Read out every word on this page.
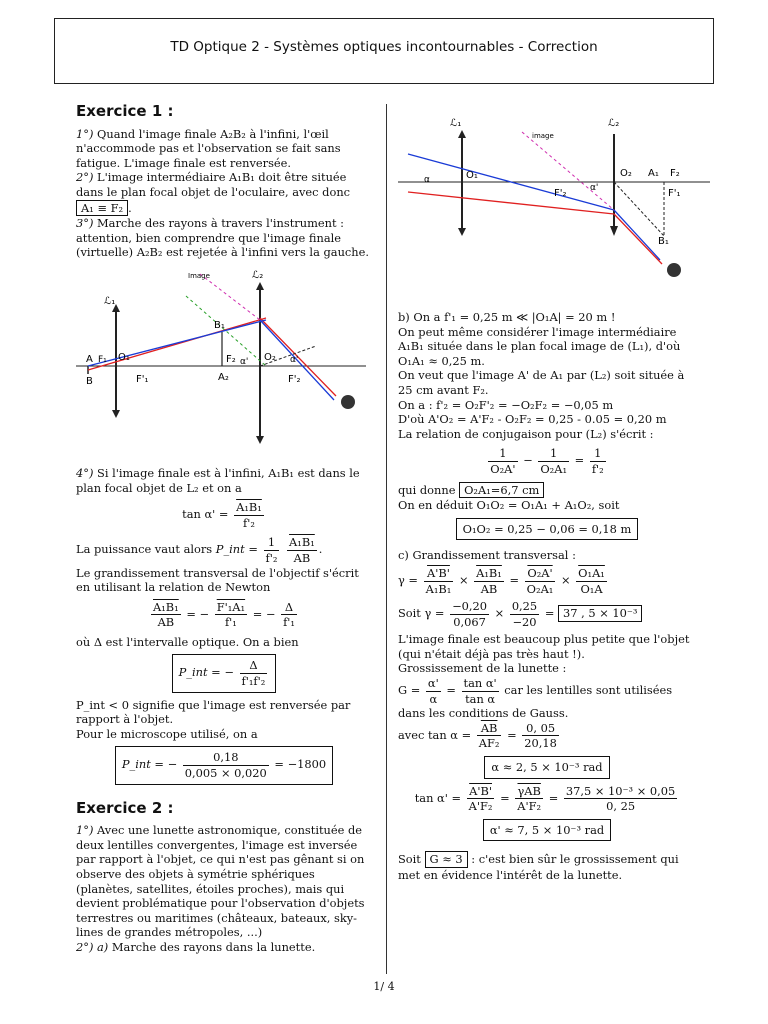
TD Optique 2 - Systèmes optiques incontournables - Correction
Exercice 1 :

1°) Quand l'image finale A₂B₂ à l'infini, l'œil n'accommode pas et l'observation se fait sans fatigue. L'image finale est renversée.

2°) L'image intermédiaire A₁B₁ doit être située dans le plan focal objet de l'oculaire, avec donc A₁ ≡ F₂ .

3°) Marche des rayons à travers l'instrument : attention, bien comprendre que l'image finale (virtuelle) A₂B₂ est rejetée à l'infini vers la gauche.

4°) Si l'image finale est à l'infini, A₁B₁ est dans le plan focal objet de L₂ et on a

$\tan \alpha' = \frac{\text{A₁B₁}}{\text{f'₂}}$

La puissance vaut alors P_int = $\frac{1}{\text{f'₂}}$
$\frac{\text{A₁B₁}}{AB}$ .

Le grandissement transversal de l'objectif s'écrit en utilisant la relation de Newton

$\frac{\text{A₁B₁}}{AB}$ = − $\frac{\text{F'₁A₁}}{\text{f'₁}}$ = − $\frac{\Delta}{\text{f'₁}}$

où Δ est l'intervalle optique. On a bien

P_int = − $\frac{\Delta}{\text{f'₁f'₂}}$

P_int < 0 signifie que l'image est renversée par rapport à l'objet.

Pour le microscope utilisé, on a

P_int = − $\frac{0,18}{0,005 \times 0,020} = -1800$
Exercice 2 :

1°) Avec une lunette astronomique, constituée de deux lentilles convergentes, l'image est inversée par rapport à l'objet, ce qui n'est pas gênant si on observe des objets à symétrie sphériques (planètes, satellites, étoiles proches), mais qui devient problématique pour l'observation d'objets terrestres ou maritimes (châteaux, bateaux, sky-lines de grandes métropoles, ...)

2°) a) Marche des rayons dans la lunette.

Image
ℒ₁
ℒ₂
B₁
A F₁ O₁
B	F'₁
F₂ α'
A₂
O₂
F'₂
α'
ℒ₁	ℒ₂
image
α	O₁	O₂ A₁ F₂
F'₂	α'	F'₁
B₁

b) On a f'₁ = 0,25 m ≪ |O₁A| = 20 m !

On peut même considérer l'image intermédiaire A₁B₁ située dans le plan focal image de (L₁), d'où O₁A₁ ≈ 0,25 m.

On veut que l'image A' de A₁ par (L₂) soit située à 25 cm avant F₂.

On a : f'₂ = O₂F'₂ = −O₂F₂ = −0,05 m

D'où A'O₂ = A'F₂ - O₂F₂ = 0,25 - 0.05 = 0,20 m

La relation de conjugaison pour (L₂) s'écrit :

$\frac{1}{\text{O₂A'}} - \frac{1}{\text{O₂A₁}} = \frac{1}{\text{f'₂}}$

qui donne O₂A₁=6,7 cm

On en déduit O₁O₂ = O₁A₁ + A₁O₂, soit

O₁O₂ = 0,25 − 0,06 = 0,18 m

c) Grandissement transversal :

$\gamma = \frac{A'B'}{\text{A₁B₁}} \times \frac{\text{A₁B₁}}{AB} = \frac{\text{O₂A'}}{\text{O₂A₁}} \times \frac{\text{O₁A₁}}{\text{O₁A}}$
Soit $\gamma = \frac{-0,20}{0,067} \times \frac{0,25}{-20} = 37$ , 5 × 10⁻³

L'image finale est beaucoup plus petite que l'objet (qui n'était déjà pas très haut !).

Grossissement de la lunette :

$G = \frac{\alpha'}{\alpha} = \frac{\text{tan α'}}{\text{tan α}}$ car les lentilles sont utilisées dans les conditions de Gauss.

avec $\tan \alpha = \frac{\overline{AB}}{\text{AF₂}} = \frac{0, 05}{20,18}$

α ≈ 2, 5 × 10⁻³ rad
$\tan \alpha' = \frac{A'B'}{\text{A'F₂}} = \frac{\overline{\gamma AB}}{\text{A'F₂}} = \frac{\text{37,5 × 10⁻³ × 0,05}}{0, 25}$
α' ≈ 7, 5 × 10⁻³ rad

Soit G ≈ 3 : c'est bien sûr le grossissement qui met en évidence l'intérêt de la lunette.

1/ 4
